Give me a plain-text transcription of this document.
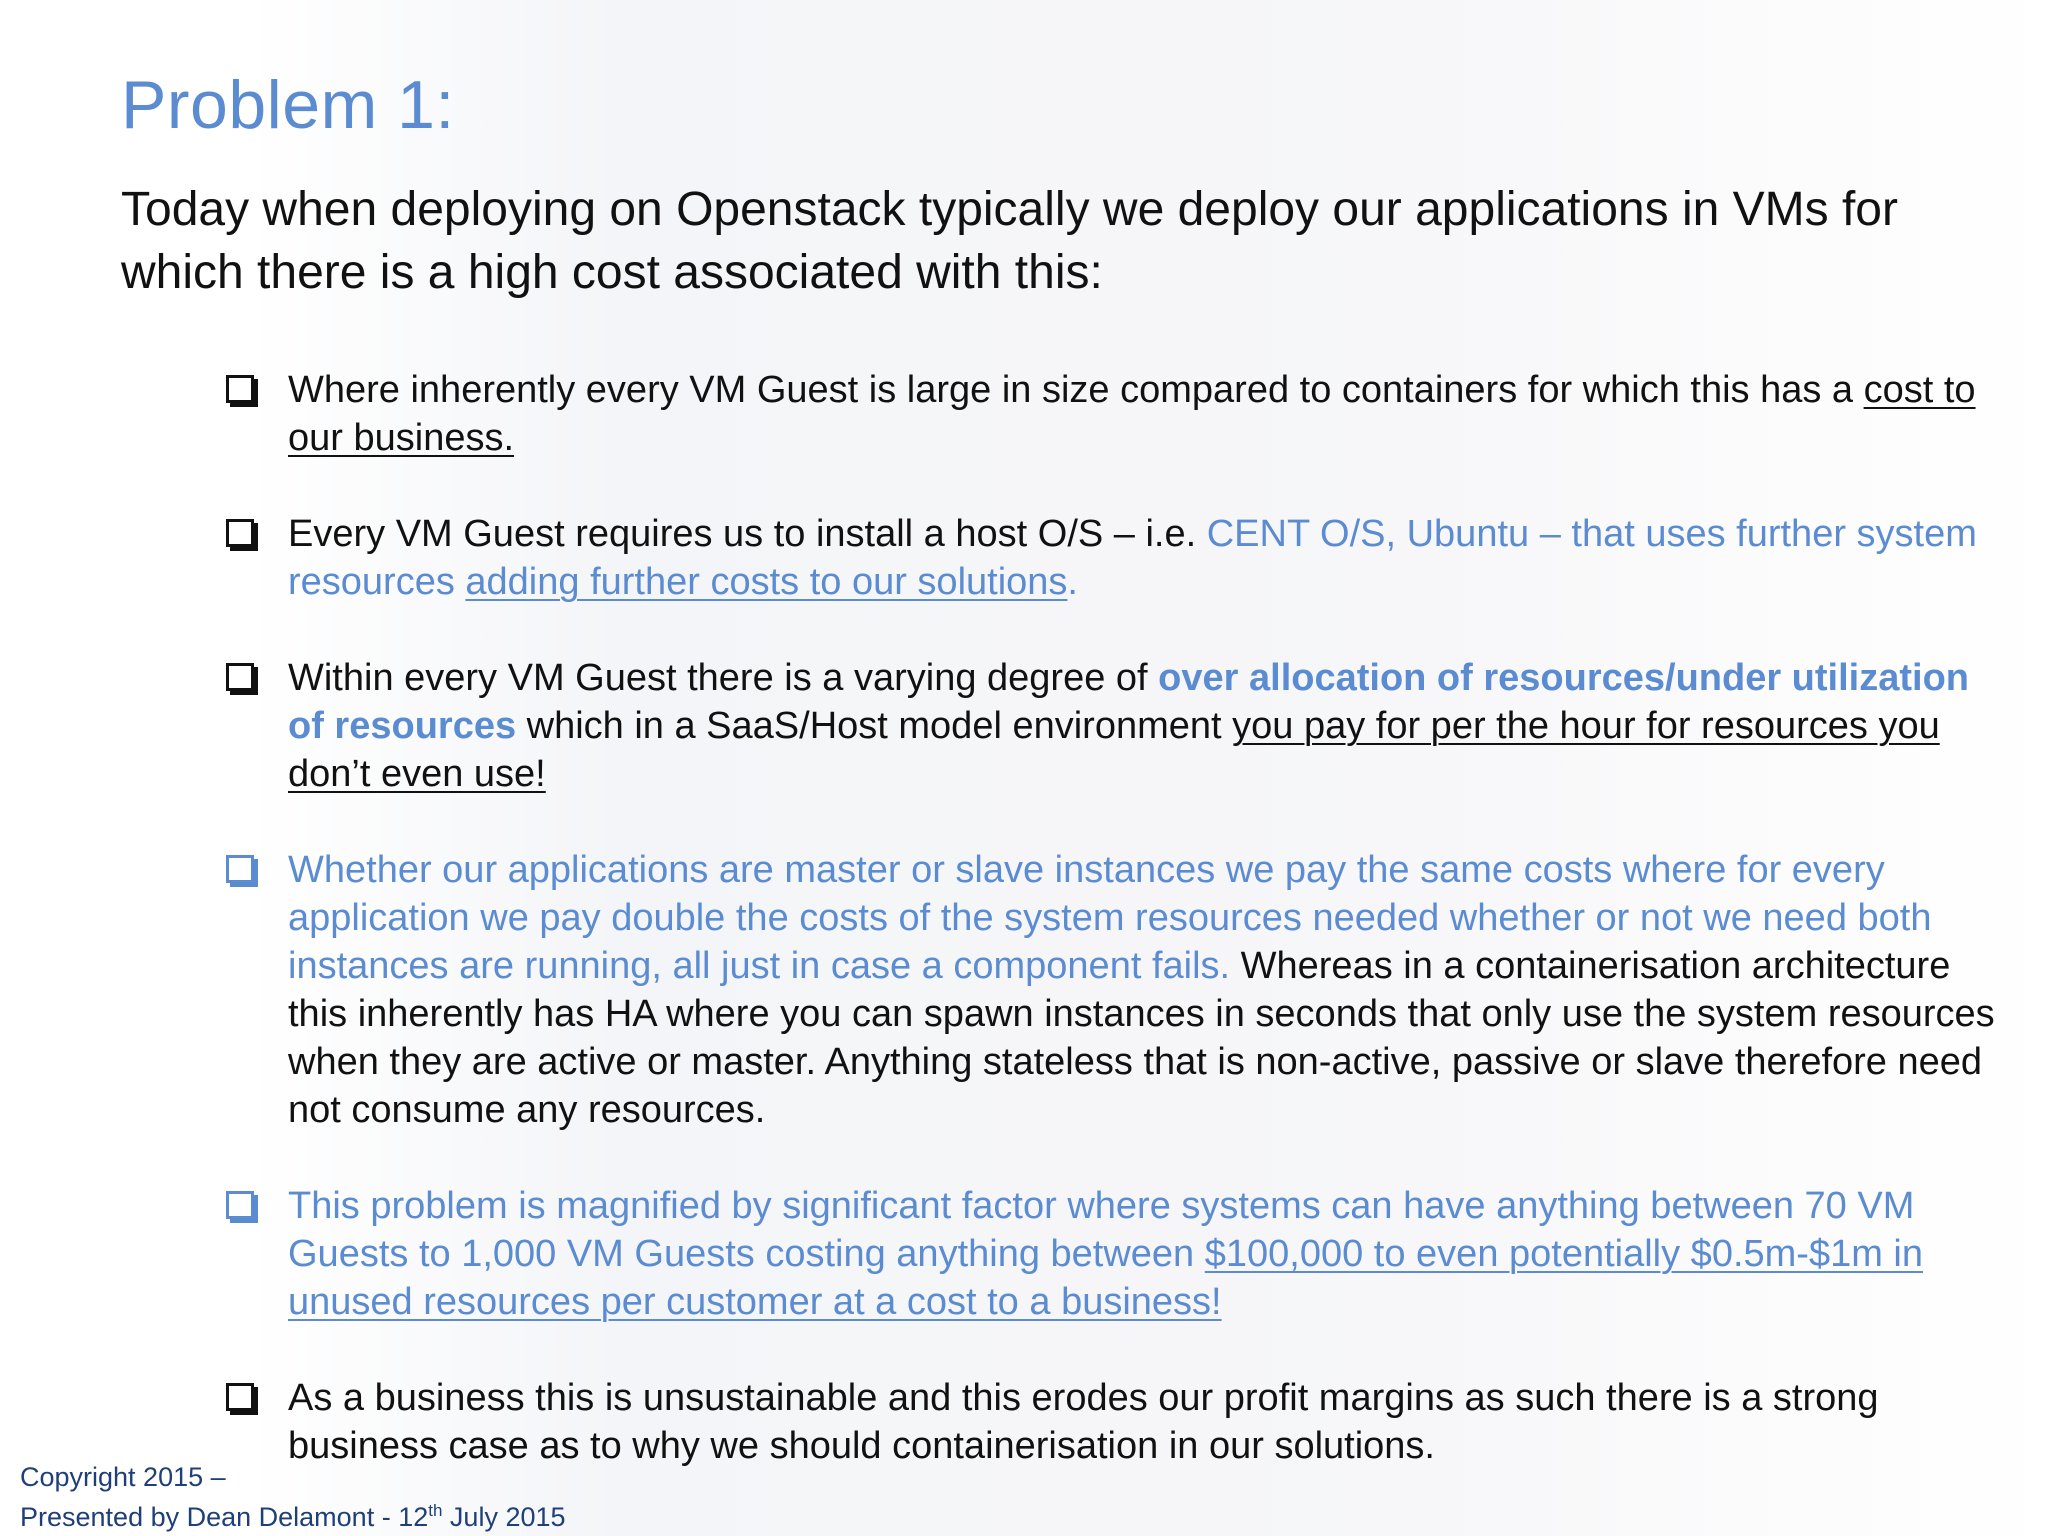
Problem 1:
Today when deploying on Openstack typically we deploy our applications in VMs for which there is a high cost associated with this:
Where inherently every VM Guest is large in size compared to containers for which this has a cost to our business.
Every VM Guest requires us to install a host O/S – i.e. CENT O/S, Ubuntu – that uses further system resources adding further costs to our solutions.
Within every VM Guest there is a varying degree of over allocation of resources/under utilization of resources which in a SaaS/Host model environment you pay for per the hour for resources you don’t even use!
Whether our applications are master or slave instances we pay the same costs where for every application we pay double the costs of the system resources needed whether or not we need both instances are running, all just in case a component fails. Whereas in a containerisation architecture this inherently has HA where you can spawn instances in seconds that only use the system resources when they are active or master. Anything stateless that is non-active, passive or slave therefore need not consume any resources.
This problem is magnified by significant factor where systems can have anything between 70 VM Guests to 1,000 VM Guests costing anything between $100,000 to even potentially $0.5m-$1m in unused resources per customer at a cost to a business!
As a business this is unsustainable and this erodes our profit margins as such there is a strong business case as to why we should containerisation in our solutions.
Copyright 2015 –
Presented by Dean Delamont - 12th July 2015
